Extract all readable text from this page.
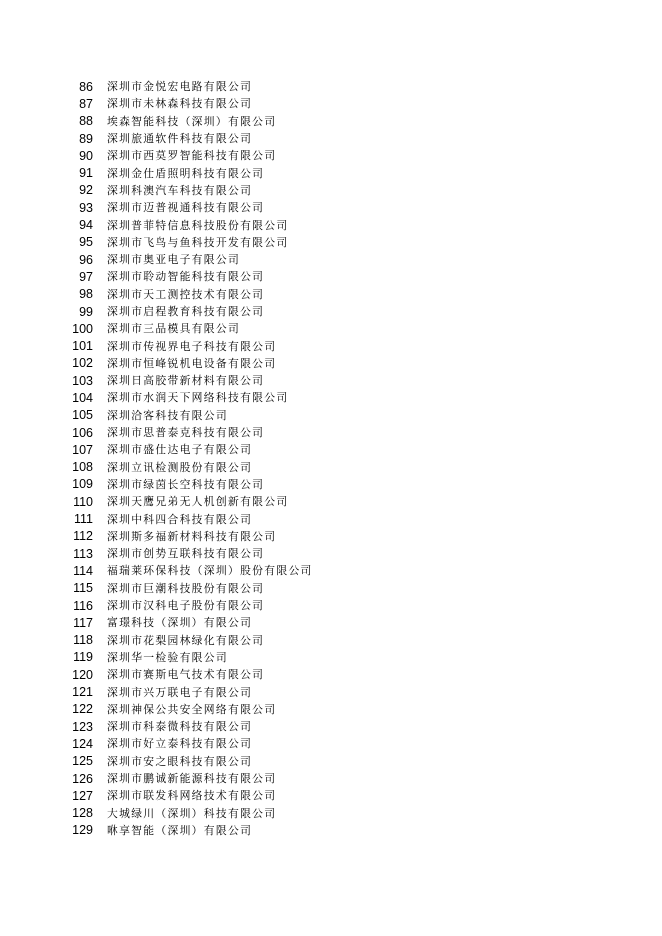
86	深圳市金悦宏电路有限公司
87	深圳市未林森科技有限公司
88	埃森智能科技（深圳）有限公司
89	深圳旅通软件科技有限公司
90	深圳市西莫罗智能科技有限公司
91	深圳金仕盾照明科技有限公司
92	深圳科澳汽车科技有限公司
93	深圳市迈普视通科技有限公司
94	深圳普菲特信息科技股份有限公司
95	深圳市飞鸟与鱼科技开发有限公司
96	深圳市奥亚电子有限公司
97	深圳市聆动智能科技有限公司
98	深圳市天工测控技术有限公司
99	深圳市启程教育科技有限公司
100	深圳市三品模具有限公司
101	深圳市传视界电子科技有限公司
102	深圳市恒峰锐机电设备有限公司
103	深圳日高胶带新材料有限公司
104	深圳市水润天下网络科技有限公司
105	深圳洽客科技有限公司
106	深圳市思普泰克科技有限公司
107	深圳市盛仕达电子有限公司
108	深圳立讯检测股份有限公司
109	深圳市绿茵长空科技有限公司
110	深圳天鹰兄弟无人机创新有限公司
111	深圳中科四合科技有限公司
112	深圳斯多福新材料科技有限公司
113	深圳市创势互联科技有限公司
114	福瑞莱环保科技（深圳）股份有限公司
115	深圳市巨潮科技股份有限公司
116	深圳市汉科电子股份有限公司
117	富璟科技（深圳）有限公司
118	深圳市花梨园林绿化有限公司
119	深圳华一检验有限公司
120	深圳市赛斯电气技术有限公司
121	深圳市兴万联电子有限公司
122	深圳神保公共安全网络有限公司
123	深圳市科泰微科技有限公司
124	深圳市好立泰科技有限公司
125	深圳市安之眼科技有限公司
126	深圳市鹏诚新能源科技有限公司
127	深圳市联发科网络技术有限公司
128	大城绿川（深圳）科技有限公司
129	咻享智能（深圳）有限公司
